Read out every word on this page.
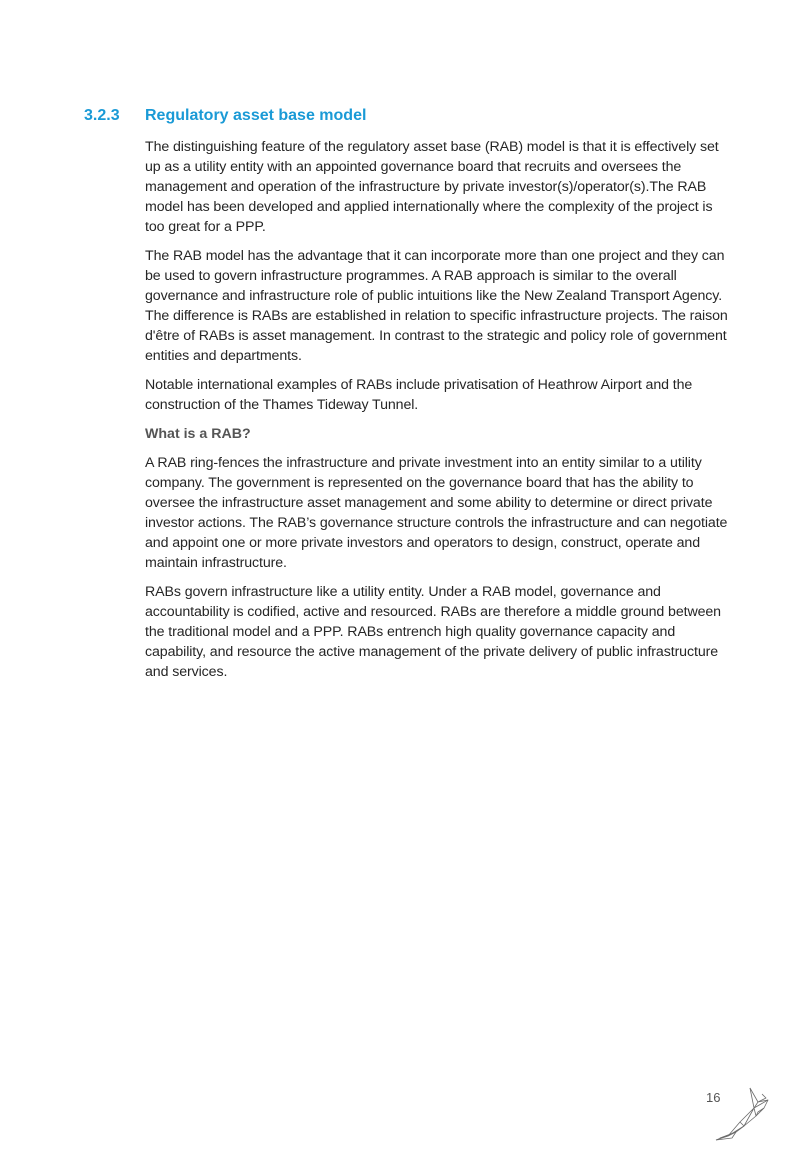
3.2.3 Regulatory asset base model

The distinguishing feature of the regulatory asset base (RAB) model is that it is effectively set up as a utility entity with an appointed governance board that recruits and oversees the management and operation of the infrastructure by private investor(s)/operator(s).The RAB model has been developed and applied internationally where the complexity of the project is too great for a PPP.

The RAB model has the advantage that it can incorporate more than one project and they can be used to govern infrastructure programmes. A RAB approach is similar to the overall governance and infrastructure role of public intuitions like the New Zealand Transport Agency. The difference is RABs are established in relation to specific infrastructure projects. The raison d'être of RABs is asset management. In contrast to the strategic and policy role of government entities and departments.

Notable international examples of RABs include privatisation of Heathrow Airport and the construction of the Thames Tideway Tunnel.

What is a RAB?

A RAB ring-fences the infrastructure and private investment into an entity similar to a utility company. The government is represented on the governance board that has the ability to oversee the infrastructure asset management and some ability to determine or direct private investor actions. The RAB’s governance structure controls the infrastructure and can negotiate and appoint one or more private investors and operators to design, construct, operate and maintain infrastructure.

RABs govern infrastructure like a utility entity. Under a RAB model, governance and accountability is codified, active and resourced. RABs are therefore a middle ground between the traditional model and a PPP. RABs entrench high quality governance capacity and capability, and resource the active management of the private delivery of public infrastructure and services.

16
